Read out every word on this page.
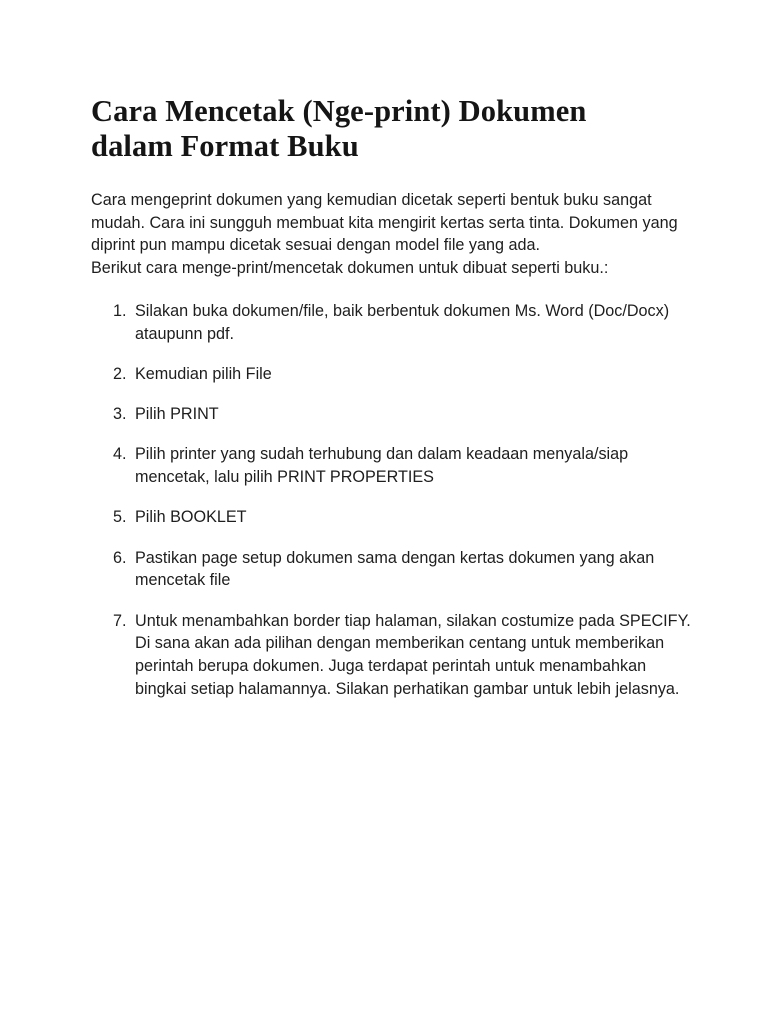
Cara Mencetak (Nge-print) Dokumen
dalam Format Buku

Cara mengeprint dokumen yang kemudian dicetak seperti bentuk buku sangat mudah. Cara ini sungguh membuat kita mengirit kertas serta tinta. Dokumen yang diprint pun mampu dicetak sesuai dengan model file yang ada.

Berikut cara menge-print/mencetak dokumen untuk dibuat seperti buku.:

1. Silakan buka dokumen/file, baik berbentuk dokumen Ms. Word (Doc/Docx) ataupunn pdf.
2. Kemudian pilih File
3. Pilih PRINT
4. Pilih printer yang sudah terhubung dan dalam keadaan menyala/siap mencetak, lalu pilih PRINT PROPERTIES
5. Pilih BOOKLET
6. Pastikan page setup dokumen sama dengan kertas dokumen yang akan mencetak file
7. Untuk menambahkan border tiap halaman, silakan costumize pada SPECIFY. Di sana akan ada pilihan dengan memberikan centang untuk memberikan perintah berupa dokumen. Juga terdapat perintah untuk menambahkan bingkai setiap halamannya. Silakan perhatikan gambar untuk lebih jelasnya.
